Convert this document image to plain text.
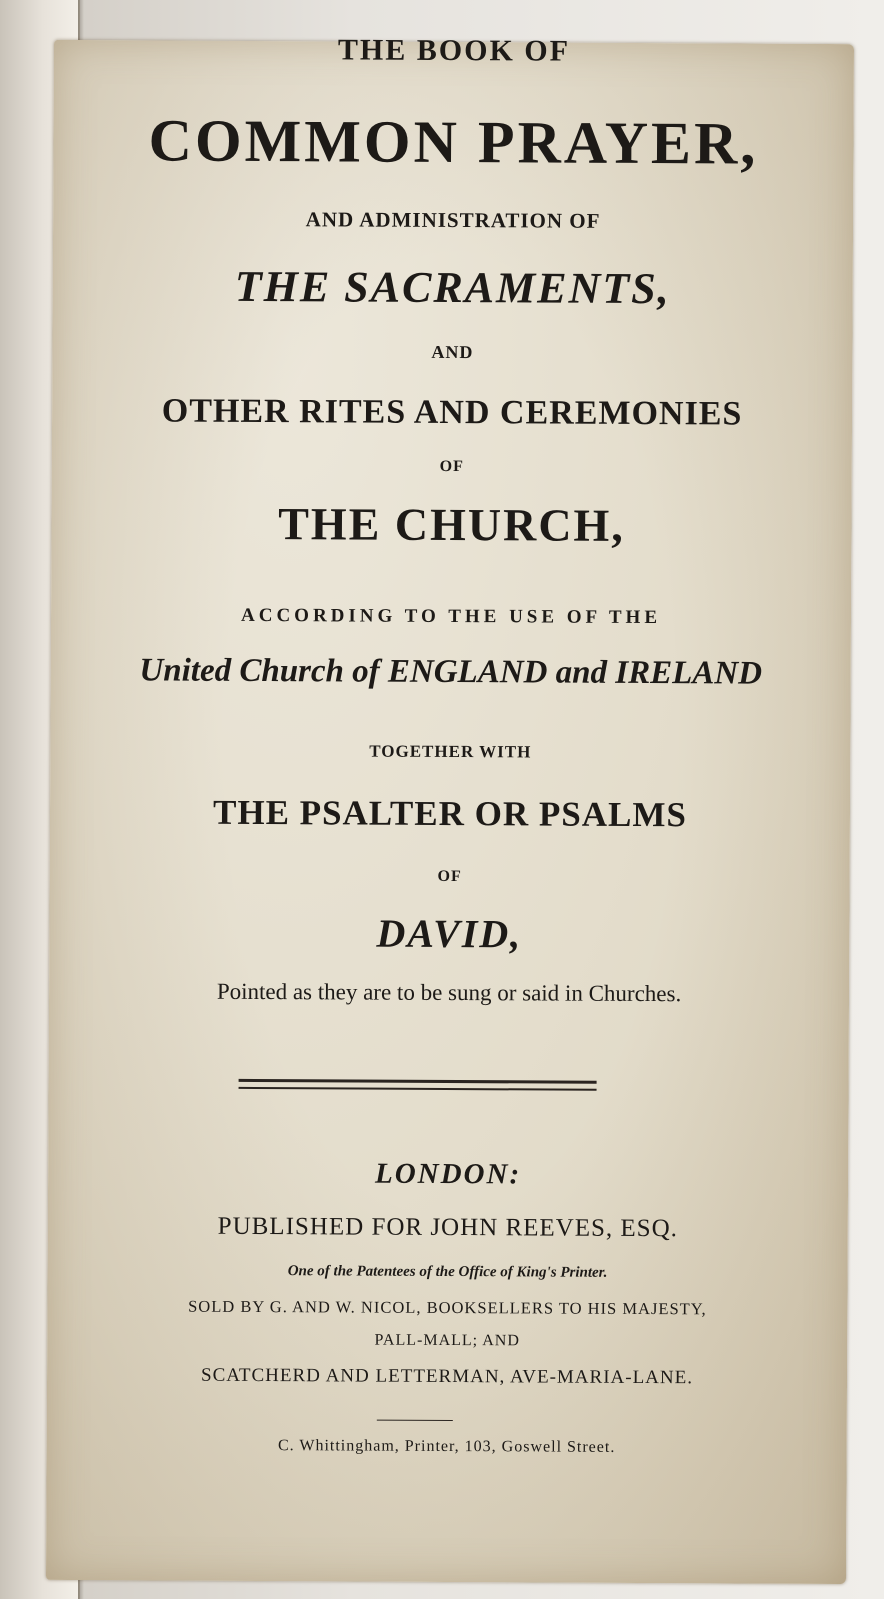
THE BOOK OF

COMMON PRAYER,

AND ADMINISTRATION OF

THE SACRAMENTS,

AND

OTHER RITES AND CEREMONIES

OF

THE CHURCH,

ACCORDING TO THE USE OF THE

United Church of ENGLAND and IRELAND

TOGETHER WITH

THE PSALTER OR PSALMS

OF

DAVID,

Pointed as they are to be sung or said in Churches.

LONDON:

PUBLISHED FOR JOHN REEVES, ESQ.

One of the Patentees of the Office of King's Printer.

SOLD BY G. AND W. NICOL, BOOKSELLERS TO HIS MAJESTY,

PALL-MALL; AND

SCATCHERD AND LETTERMAN, AVE-MARIA-LANE.

C. Whittingham, Printer, 103, Goswell Street.
